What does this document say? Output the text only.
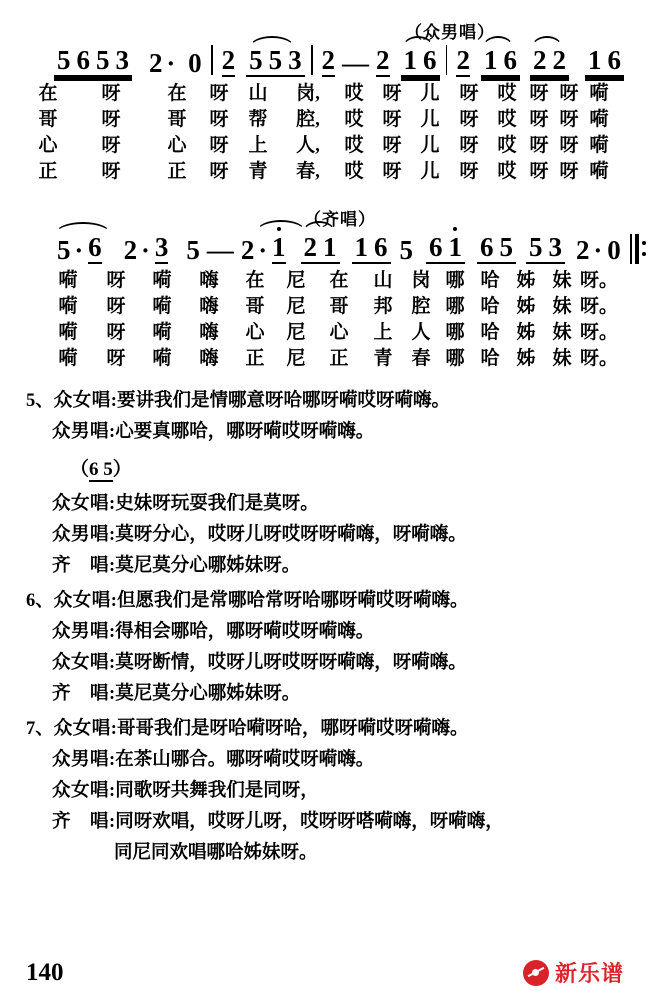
（众男唱）
5 6 5 3 2 · 0 2 5 5 3 2 — 2 1 6 2 1 6 2 2 1 6
在	呀	在	呀	山	岗,	哎 呀 儿	呀 哎 呀 呀 嗬
哥	呀	哥	呀	帮	腔,	哎 呀 儿	呀 哎 呀 呀 嗬
心	呀	心	呀	上	人,	哎 呀 儿	呀 哎 呀 呀 嗬
正	呀	正	呀	青	春,	哎 呀 儿	呀 哎 呀 呀 嗬
（齐唱）
5 · 6 2 · 3 5 — 2 · 1 2 1 1 6 5 6 1 6 5 5 3 2 · 0
嗬	呀	嗬	嗨	在	尼	在	山 岗 哪 哈 姊 妹 呀。
嗬	呀	嗬	嗨	哥	尼	哥	邦 腔 哪 哈 姊 妹 呀。
嗬	呀	嗬	嗨	心	尼	心	上 人 哪 哈 姊 妹 呀。
嗬	呀	嗬	嗨	正	尼	正	青 春 哪 哈 姊 妹 呀。
5、众女唱:要讲我们是情哪意呀哈哪呀嗬哎呀嗬嗨。
众男唱:心要真哪哈，哪呀嗬哎呀嗬嗨。
（6 5）
众女唱:史妹呀玩耍我们是莫呀。
众男唱:莫呀分心，哎呀儿呀哎呀呀嗬嗨，呀嗬嗨。
齐　唱:莫尼莫分心哪姊妹呀。
6、众女唱:但愿我们是常哪哈常呀哈哪呀嗬哎呀嗬嗨。
众男唱:得相会哪哈，哪呀嗬哎呀嗬嗨。
众女唱:莫呀断情，哎呀儿呀哎呀呀嗬嗨，呀嗬嗨。
齐　唱:莫尼莫分心哪姊妹呀。
7、众女唱:哥哥我们是呀哈嗬呀哈，哪呀嗬哎呀嗬嗨。
众男唱:在茶山哪合。哪呀嗬哎呀嗬嗨。
众女唱:同歌呀共舞我们是同呀，
齐　唱:同呀欢唱，哎呀儿呀，哎呀呀嗒嗬嗨，呀嗬嗨，
同尼同欢唱哪哈姊妹呀。
140	新乐谱
